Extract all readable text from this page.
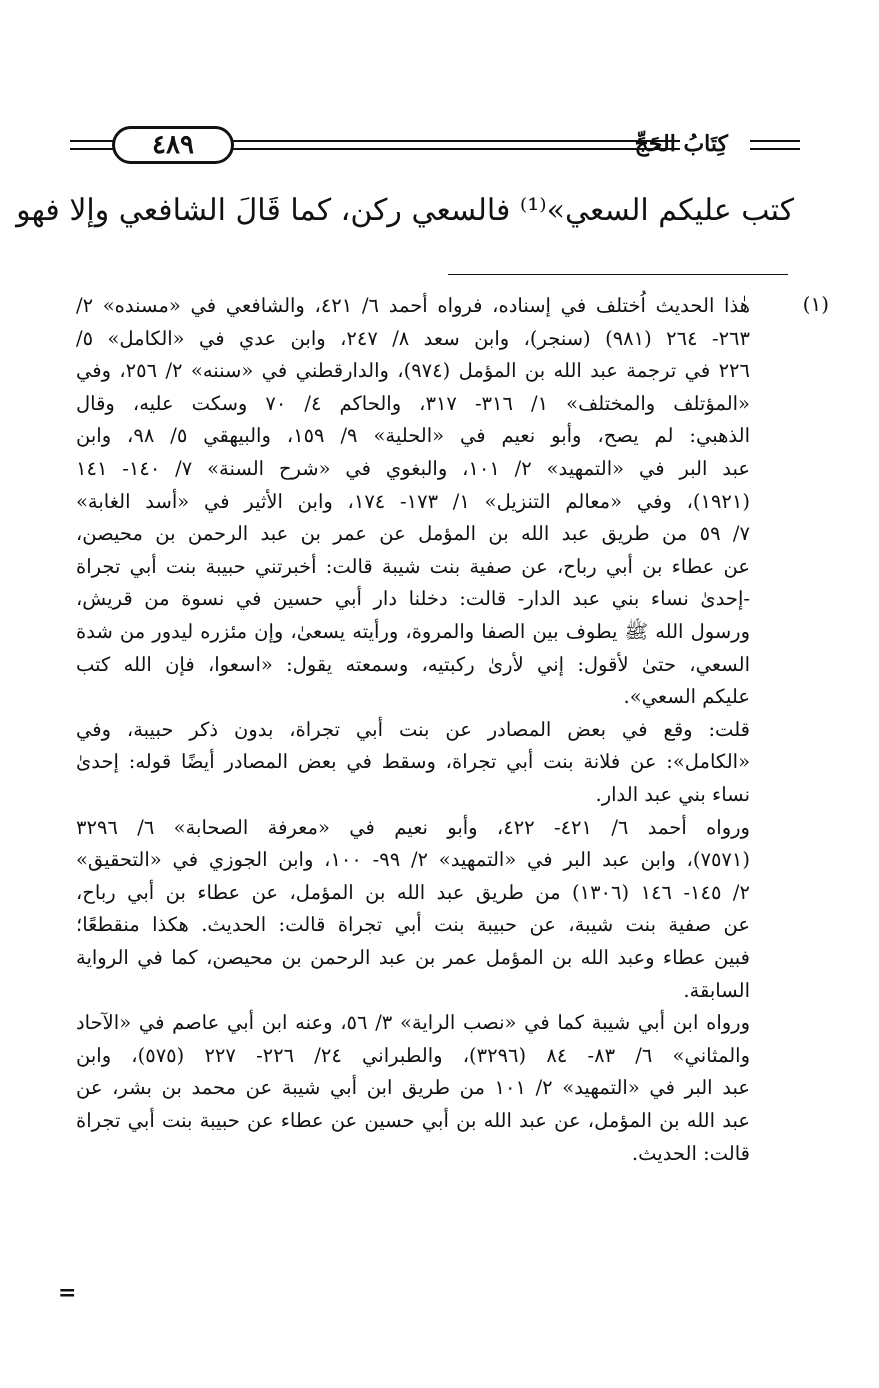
٤٨٩	كِتَابُ الحَجِّ
كتب عليكم السعي»⁽¹⁾ فالسعي ركن، كما قَالَ الشافعي وإلا فهو
(١)
هٰذا الحديث اُختلف في إسناده، فرواه أحمد ٦/ ٤٢١، والشافعي في «مسنده» ٢/
٢٦٣- ٢٦٤ (٩٨١) (سنجر)، وابن سعد ٨/ ٢٤٧، وابن عدي في «الكامل» ٥/
٢٢٦ في ترجمة عبد الله بن المؤمل (٩٧٤)، والدارقطني في «سننه» ٢/ ٢٥٦، وفي
«المؤتلف والمختلف» ١/ ٣١٦- ٣١٧، والحاكم ٤/ ٧٠ وسكت عليه، وقال
الذهبي: لم يصح، وأبو نعيم في «الحلية» ٩/ ١٥٩، والبيهقي ٥/ ٩٨، وابن
عبد البر في «التمهيد» ٢/ ١٠١، والبغوي في «شرح السنة» ٧/ ١٤٠- ١٤١
(١٩٢١)، وفي «معالم التنزيل» ١/ ١٧٣- ١٧٤، وابن الأثير في «أسد الغابة»
٧/ ٥٩ من طريق عبد الله بن المؤمل عن عمر بن عبد الرحمن بن محيصن،
عن عطاء بن أبي رباح، عن صفية بنت شيبة قالت: أخبرتني حبيبة بنت أبي تجراة
-إحدىٰ نساء بني عبد الدار- قالت: دخلنا دار أبي حسين في نسوة من قريش،
ورسول الله ﷺ يطوف بين الصفا والمروة، ورأيته يسعىٰ، وإن مئزره ليدور من شدة
السعي، حتىٰ لأقول: إني لأرىٰ ركبتيه، وسمعته يقول: «اسعوا، فإن الله كتب
عليكم السعي».
قلت: وقع في بعض المصادر عن بنت أبي تجراة، بدون ذكر حبيبة، وفي
«الكامل»: عن فلانة بنت أبي تجراة، وسقط في بعض المصادر أيضًا قوله: إحدىٰ
نساء بني عبد الدار.
ورواه أحمد ٦/ ٤٢١- ٤٢٢، وأبو نعيم في «معرفة الصحابة» ٦/ ٣٢٩٦
(٧٥٧١)، وابن عبد البر في «التمهيد» ٢/ ٩٩- ١٠٠، وابن الجوزي في «التحقيق»
٢/ ١٤٥- ١٤٦ (١٣٠٦) من طريق عبد الله بن المؤمل، عن عطاء بن أبي رباح،
عن صفية بنت شيبة، عن حبيبة بنت أبي تجراة قالت: الحديث. هكذا منقطعًا؛
فبين عطاء وعبد الله بن المؤمل عمر بن عبد الرحمن بن محيصن، كما في الرواية
السابقة.
ورواه ابن أبي شيبة كما في «نصب الراية» ٣/ ٥٦، وعنه ابن أبي عاصم في «الآحاد
والمثاني» ٦/ ٨٣- ٨٤ (٣٢٩٦)، والطبراني ٢٤/ ٢٢٦- ٢٢٧ (٥٧٥)، وابن
عبد البر في «التمهيد» ٢/ ١٠١ من طريق ابن أبي شيبة عن محمد بن بشر، عن
عبد الله بن المؤمل، عن عبد الله بن أبي حسين عن عطاء عن حبيبة بنت أبي تجراة
قالت: الحديث.
=
